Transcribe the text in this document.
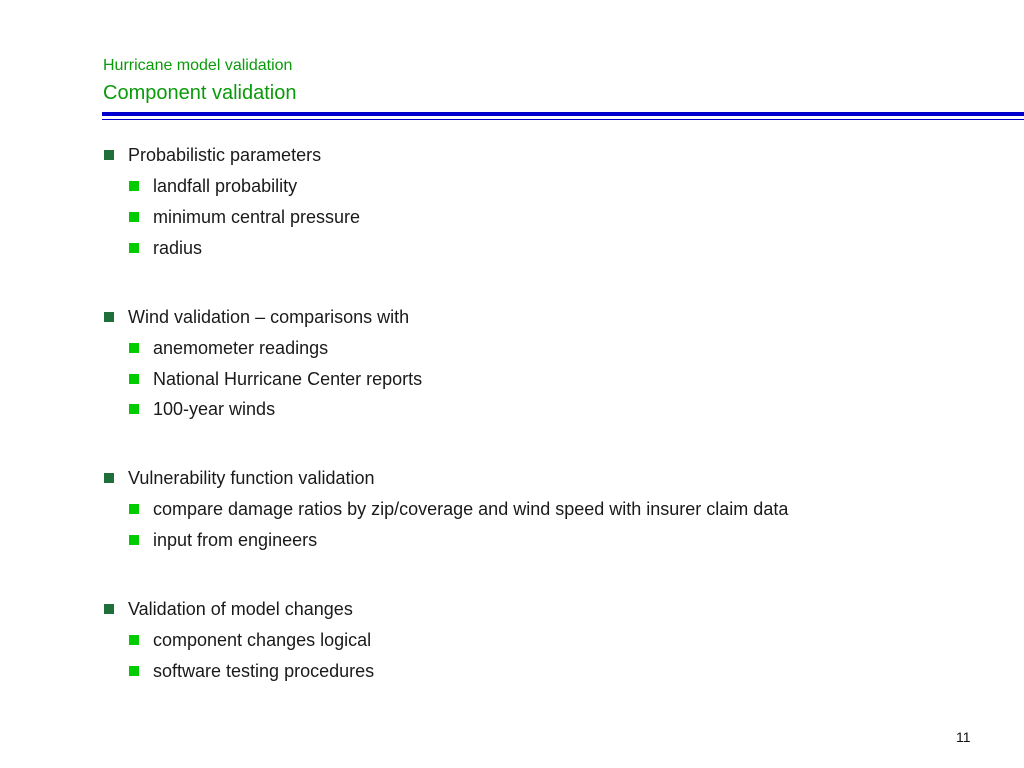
Hurricane model validation
Component validation
Probabilistic parameters
landfall probability
minimum central pressure
radius
Wind validation – comparisons with
anemometer readings
National Hurricane Center reports
100-year winds
Vulnerability function validation
compare damage ratios by zip/coverage and wind speed with insurer claim data
input from engineers
Validation of model changes
component changes logical
software testing procedures
11
